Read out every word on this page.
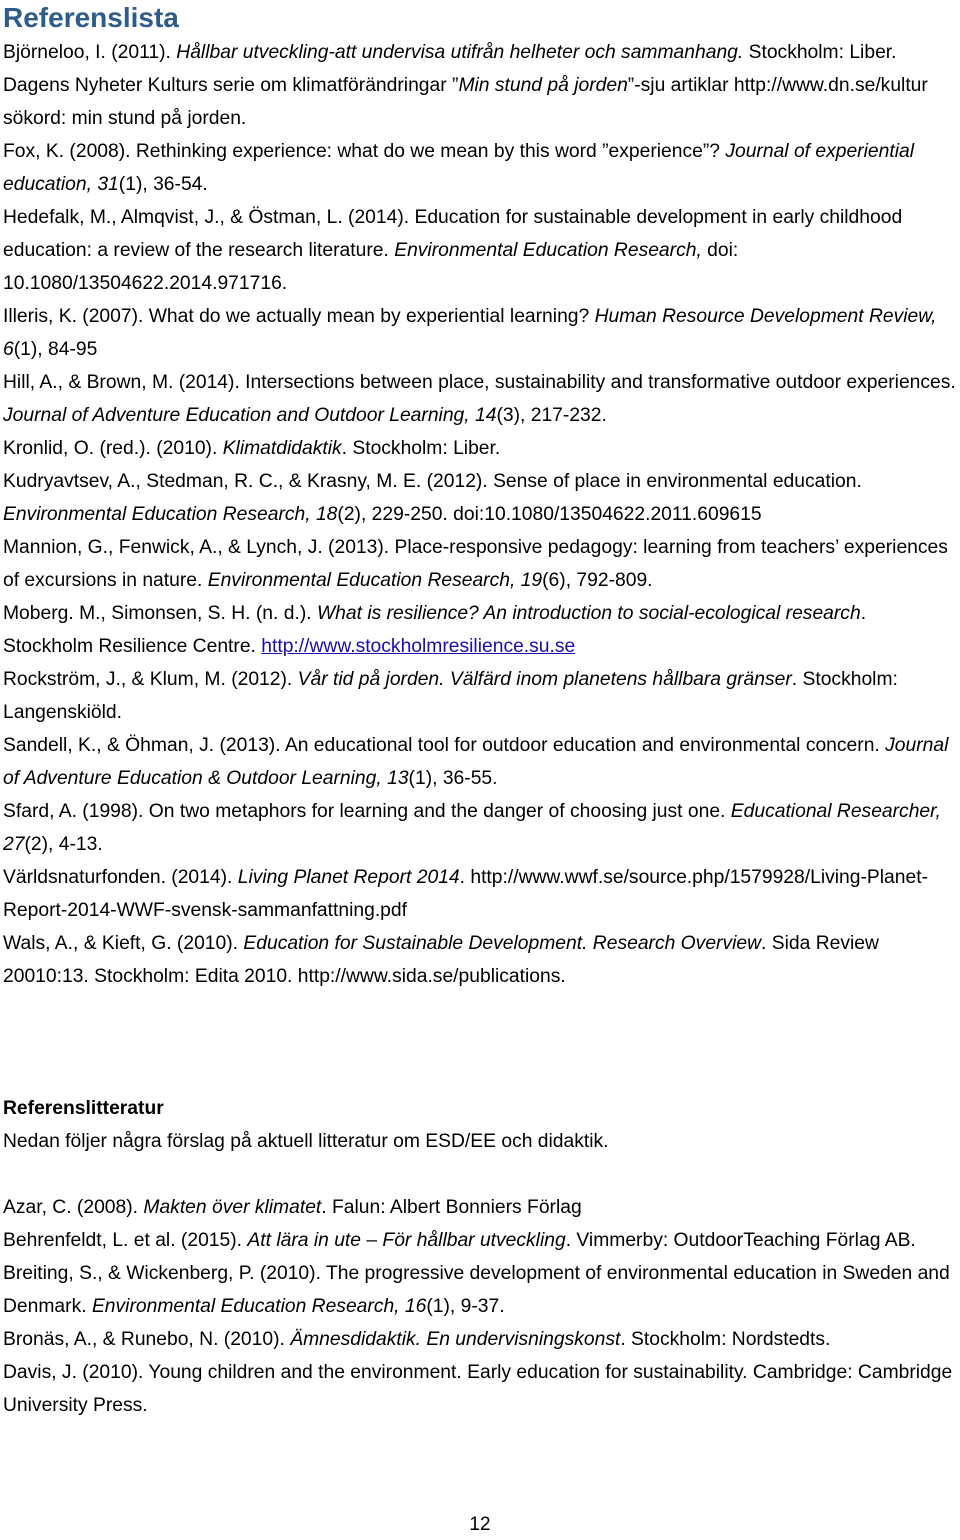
Referenslista

Björneloo, I. (2011). Hållbar utveckling-att undervisa utifrån helheter och sammanhang. Stockholm: Liber.

Dagens Nyheter Kulturs serie om klimatförändringar ”Min stund på jorden”-sju artiklar http://www.dn.se/kultur sökord: min stund på jorden.

Fox, K. (2008). Rethinking experience: what do we mean by this word ”experience”? Journal of experiential education, 31(1), 36-54.

Hedefalk, M., Almqvist, J., & Östman, L. (2014). Education for sustainable development in early childhood education: a review of the research literature. Environmental Education Research, doi: 10.1080/13504622.2014.971716.

Illeris, K. (2007). What do we actually mean by experiential learning? Human Resource Development Review, 6(1), 84-95

Hill, A., & Brown, M. (2014). Intersections between place, sustainability and transformative outdoor experiences. Journal of Adventure Education and Outdoor Learning, 14(3), 217-232.

Kronlid, O. (red.). (2010). Klimatdidaktik. Stockholm: Liber.

Kudryavtsev, A., Stedman, R. C., & Krasny, M. E. (2012). Sense of place in environmental education. Environmental Education Research, 18(2), 229-250. doi:10.1080/13504622.2011.609615

Mannion, G., Fenwick, A., & Lynch, J. (2013). Place-responsive pedagogy: learning from teachers’ experiences of excursions in nature. Environmental Education Research, 19(6), 792-809.

Moberg. M., Simonsen, S. H. (n. d.). What is resilience? An introduction to social-ecological research. Stockholm Resilience Centre. http://www.stockholmresilience.su.se

Rockström, J., & Klum, M. (2012). Vår tid på jorden. Välfärd inom planetens hållbara gränser. Stockholm: Langenskiöld.

Sandell, K., & Öhman, J. (2013). An educational tool for outdoor education and environmental concern. Journal of Adventure Education & Outdoor Learning, 13(1), 36-55.

Sfard, A. (1998). On two metaphors for learning and the danger of choosing just one. Educational Researcher, 27(2), 4-13.

Världsnaturfonden. (2014). Living Planet Report 2014. http://www.wwf.se/source.php/1579928/Living-Planet-Report-2014-WWF-svensk-sammanfattning.pdf

Wals, A., & Kieft, G. (2010). Education for Sustainable Development. Research Overview. Sida Review 20010:13. Stockholm: Edita 2010. http://www.sida.se/publications.

Referenslitteratur

Nedan följer några förslag på aktuell litteratur om ESD/EE och didaktik.

Azar, C. (2008). Makten över klimatet. Falun: Albert Bonniers Förlag

Behrenfeldt, L. et al. (2015). Att lära in ute – För hållbar utveckling. Vimmerby: OutdoorTeaching Förlag AB.

Breiting, S., & Wickenberg, P. (2010). The progressive development of environmental education in Sweden and Denmark. Environmental Education Research, 16(1), 9-37.

Bronäs, A., & Runebo, N. (2010). Ämnesdidaktik. En undervisningskonst. Stockholm: Nordstedts.

Davis, J. (2010). Young children and the environment. Early education for sustainability. Cambridge: Cambridge University Press.

12
